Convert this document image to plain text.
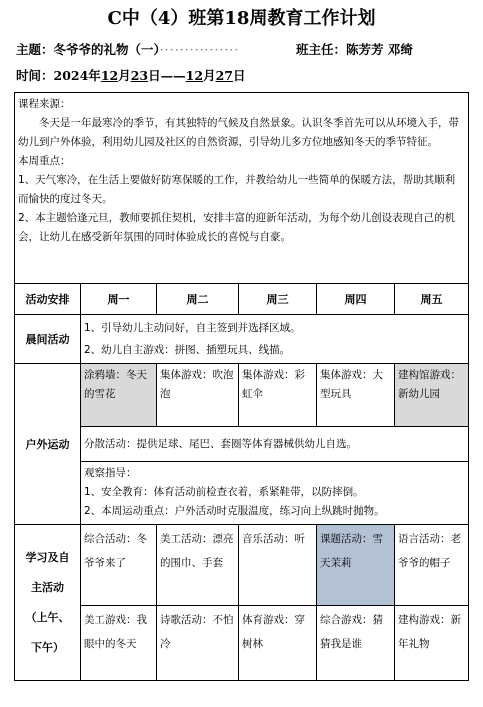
C中（4）班第18周教育工作计划
主题：冬爷爷的礼物（一）················	班主任：陈芳芳 邓绮
时间：2024年12月23日——12月27日

课程来源：

冬天是一年最寒冷的季节，有其独特的气候及自然景象。认识冬季首先可以从环境入手，带幼儿到户外体验，利用幼儿园及社区的自然资源，引导幼儿多方位地感知冬天的季节特征。

本周重点：

1、天气寒冷，在生活上要做好防寒保暖的工作，并教给幼儿一些简单的保暖方法，帮助其顺利而愉快的度过冬天。

2、本主题恰逢元旦，教师要抓住契机，安排丰富的迎新年活动，为每个幼儿创设表现自己的机会，让幼儿在感受新年氛围的同时体验成长的喜悦与自豪。					

活动安排	周一	周二	周三	周四	周五
晨间活动	1、引导幼儿主动问好，自主签到并选择区域。
2、幼儿自主游戏：拼图、插塑玩具、线描。				

户外运动	涂鸦墙：冬天的雪花	集体游戏：吹泡泡	集体游戏：彩虹伞	集体游戏：大型玩具	建构馆游戏：新幼儿园
	分散活动：提供足球、尾巴、套圈等体育器械供幼儿自选。				

	观察指导：
1、安全教育：体育活动前检查衣着，系紧鞋带，以防摔倒。
2、本周运动重点：户外活动时克服温度，练习向上纵跳时抛物。				

学习及自
主活动
（上午、
下午）	综合活动：冬爷爷来了	美工活动：漂亮的围巾、手套	音乐活动：听	课题活动：雪天茉莉	语言活动：老爷爷的帽子
	美工游戏：我眼中的冬天	诗歌活动：不怕冷	体育游戏：穿树林	综合游戏：猜猜我是谁	建构游戏：新年礼物
